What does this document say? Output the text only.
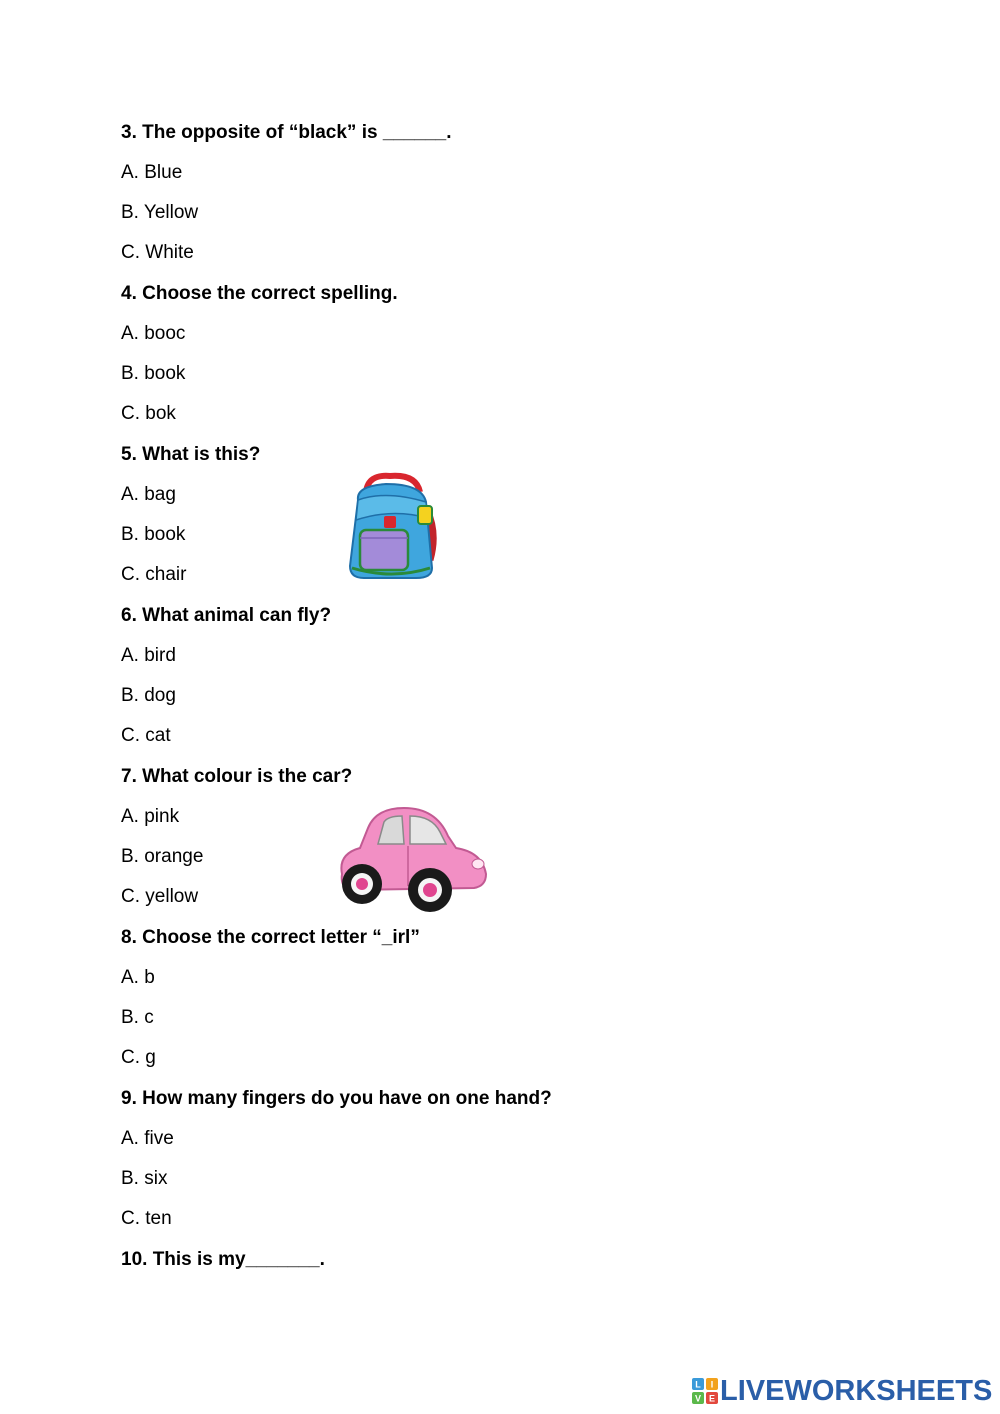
3. The opposite of “black” is ______.
A. Blue
B. Yellow
C. White
4. Choose the correct spelling.
A. booc
B. book
C. bok
5. What is this?
A. bag
B. book
C. chair
6. What animal can fly?
A. bird
B. dog
C. cat
7. What colour is the car?
A. pink
B. orange
C. yellow
8. Choose the correct letter “_irl”
A. b
B. c
C. g
9. How many fingers do you have on one hand?
A. five
B. six
C. ten
10. This is my_______.
L I
V E LIVEWORKSHEETS
